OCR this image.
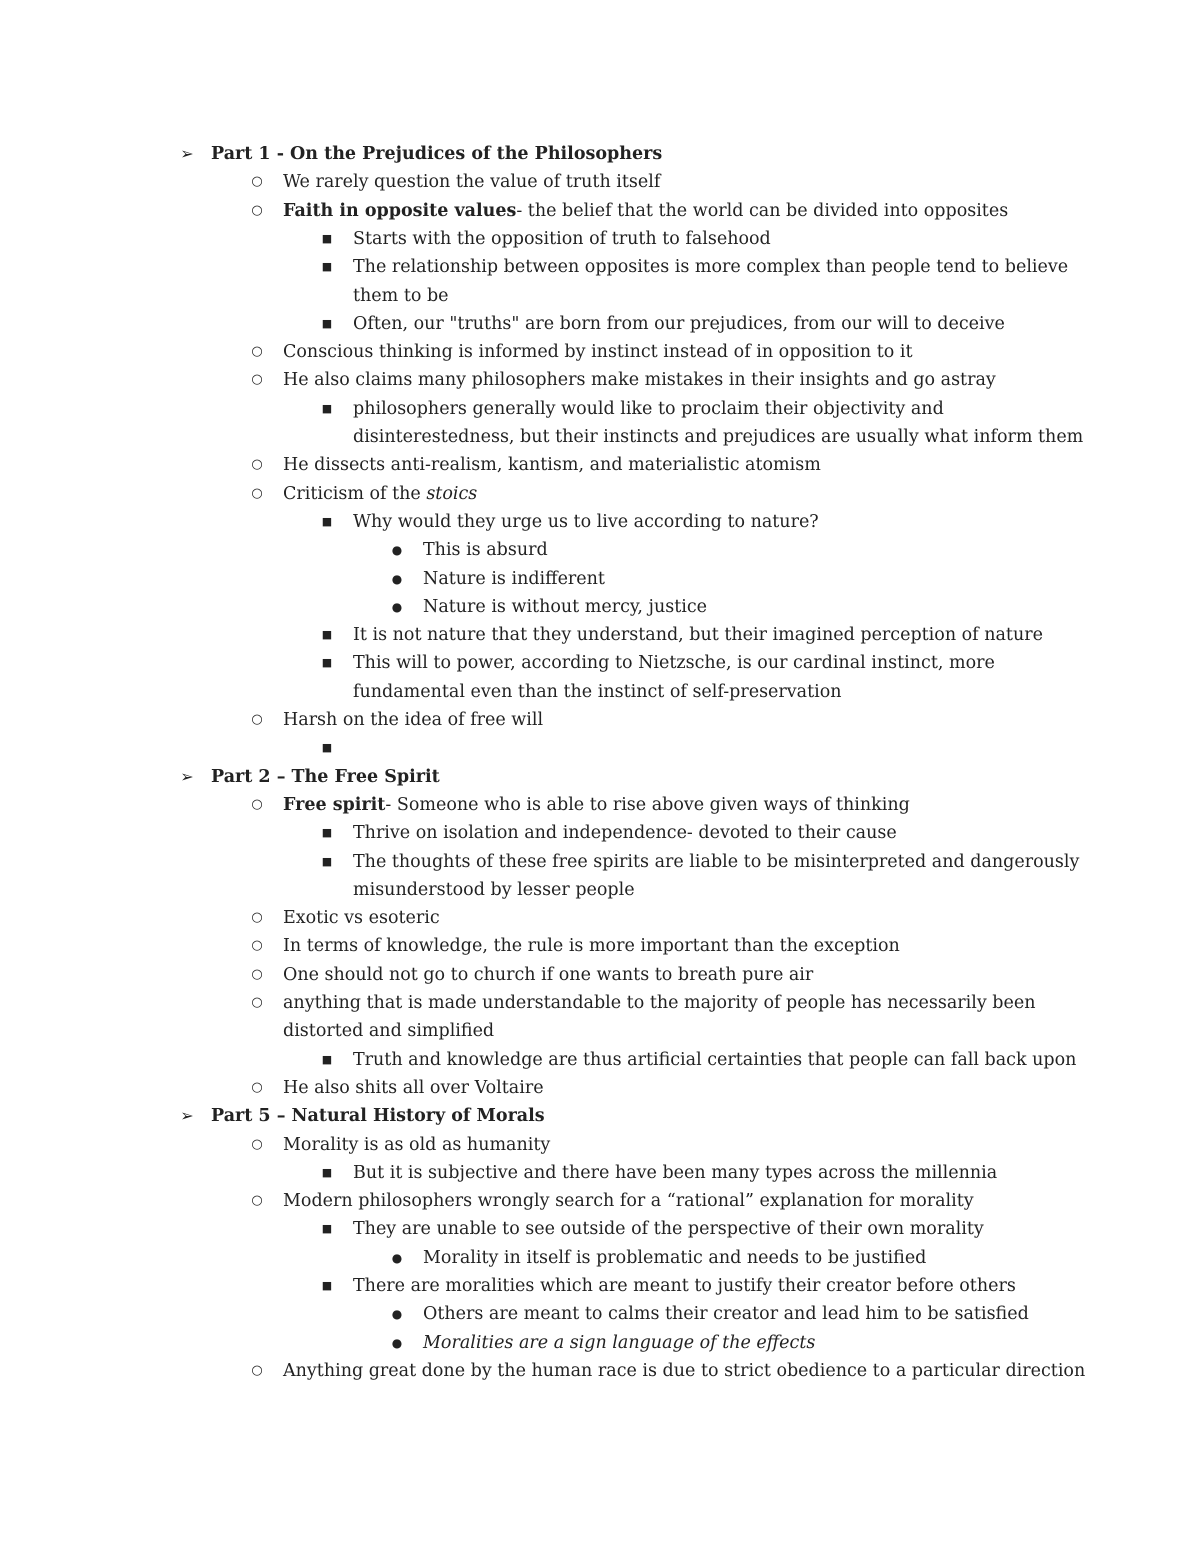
➢ Part 1 - On the Prejudices of the Philosophers
○ We rarely question the value of truth itself
○ Faith in opposite values- the belief that the world can be divided into opposites
■ Starts with the opposition of truth to falsehood
■ The relationship between opposites is more complex than people tend to believe
them to be
■ Often, our "truths" are born from our prejudices, from our will to deceive
○ Conscious thinking is informed by instinct instead of in opposition to it
○ He also claims many philosophers make mistakes in their insights and go astray
■ philosophers generally would like to proclaim their objectivity and
disinterestedness, but their instincts and prejudices are usually what inform them
○ He dissects anti-realism, kantism, and materialistic atomism
○ Criticism of the stoics
■ Why would they urge us to live according to nature?
● This is absurd
● Nature is indifferent
● Nature is without mercy, justice
■ It is not nature that they understand, but their imagined perception of nature
■ This will to power, according to Nietzsche, is our cardinal instinct, more
fundamental even than the instinct of self-preservation
○ Harsh on the idea of free will
■
➢ Part 2 – The Free Spirit
○ Free spirit- Someone who is able to rise above given ways of thinking
■ Thrive on isolation and independence- devoted to their cause
■ The thoughts of these free spirits are liable to be misinterpreted and dangerously
misunderstood by lesser people
○ Exotic vs esoteric
○ In terms of knowledge, the rule is more important than the exception
○ One should not go to church if one wants to breath pure air
○ anything that is made understandable to the majority of people has necessarily been
distorted and simplified
■ Truth and knowledge are thus artificial certainties that people can fall back upon
○ He also shits all over Voltaire
➢ Part 5 – Natural History of Morals
○ Morality is as old as humanity
■ But it is subjective and there have been many types across the millennia
○ Modern philosophers wrongly search for a “rational” explanation for morality
■ They are unable to see outside of the perspective of their own morality
● Morality in itself is problematic and needs to be justified
■ There are moralities which are meant to justify their creator before others
● Others are meant to calms their creator and lead him to be satisfied
● Moralities are a sign language of the effects
○ Anything great done by the human race is due to strict obedience to a particular direction
